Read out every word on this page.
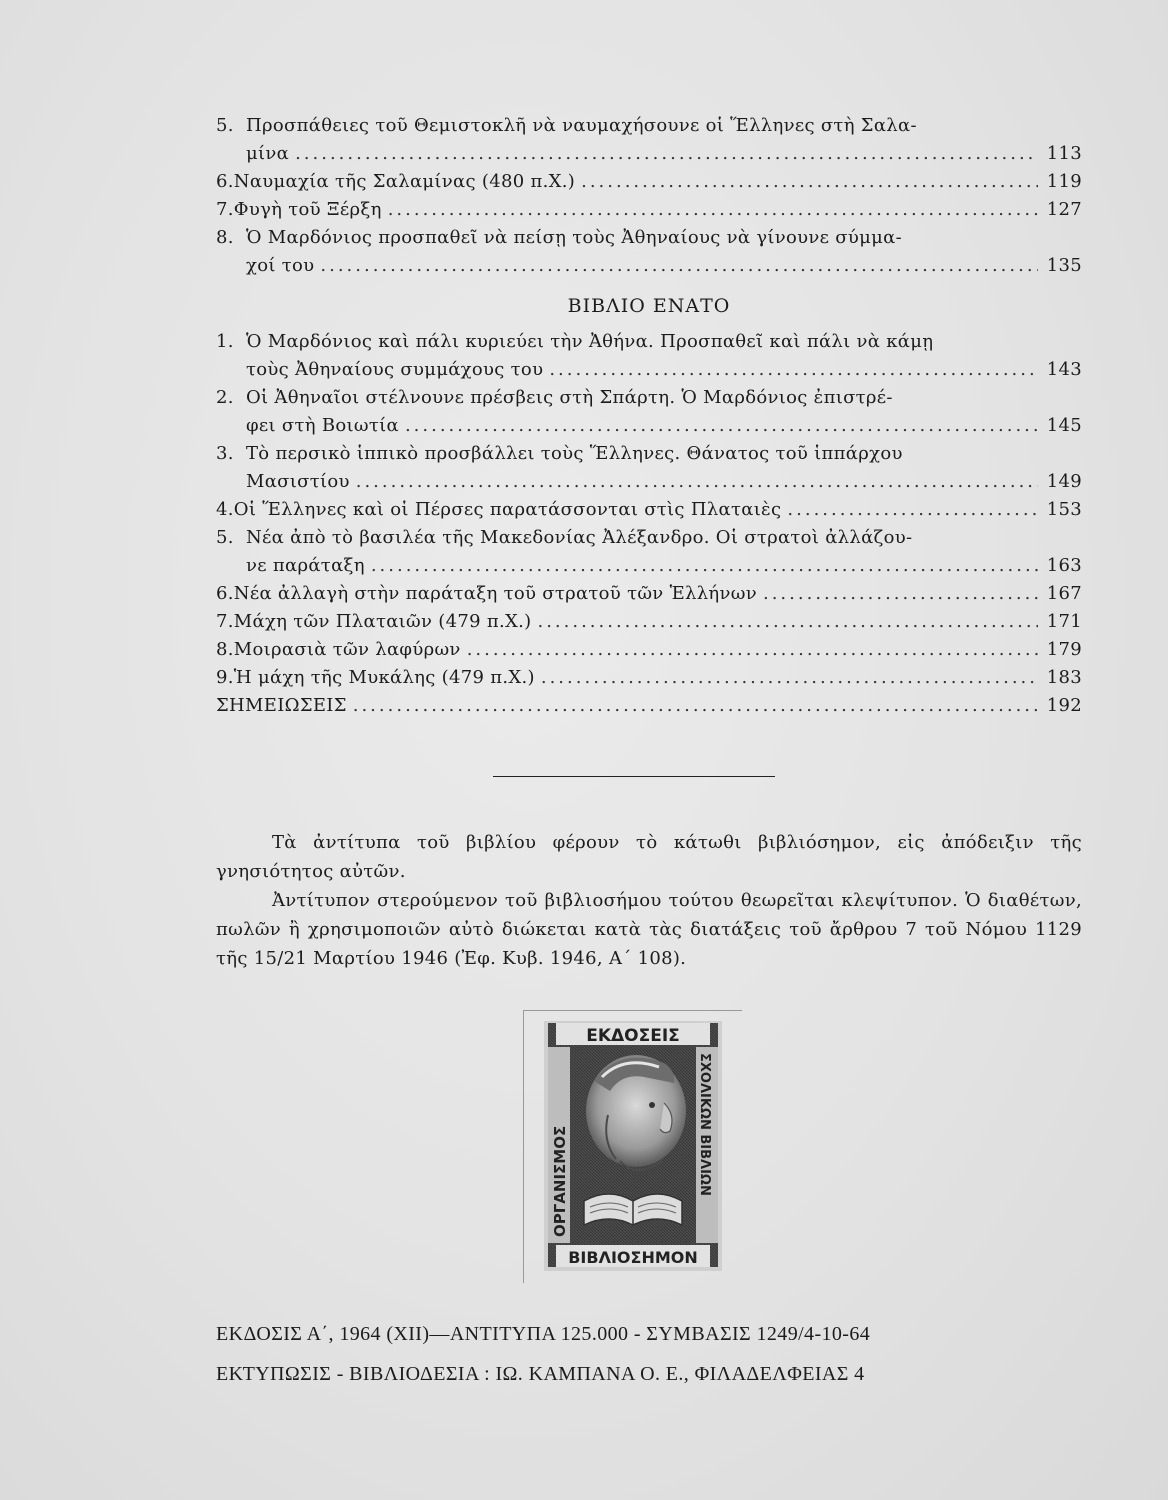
5. Προσπάθειες τοῦ Θεμιστοκλῆ νὰ ναυμαχήσουνε οἱ Ἕλληνες στὴ Σαλα-
μίνα .....	113
6. Ναυμαχία τῆς Σαλαμίνας (480 π.Χ.) .....	119
7. Φυγὴ τοῦ Ξέρξη .....	127
8. Ὁ Μαρδόνιος προσπαθεῖ νὰ πείσῃ τοὺς Ἀθηναίους νὰ γίνουνε σύμμα-
χοί του .....	135
ΒΙΒΛΙΟ ΕΝΑΤΟ
1. Ὁ Μαρδόνιος καὶ πάλι κυριεύει τὴν Ἀθήνα. Προσπαθεῖ καὶ πάλι νὰ κάμῃ
τοὺς Ἀθηναίους συμμάχους του .....	143
2. Οἱ Ἀθηναῖοι στέλνουνε πρέσβεις στὴ Σπάρτη. Ὁ Μαρδόνιος ἐπιστρέ-
φει στὴ Βοιωτία .....	145
3. Τὸ περσικὸ ἱππικὸ προσβάλλει τοὺς Ἕλληνες. Θάνατος τοῦ ἱππάρχου
Μασιστίου .....	149
4. Οἱ Ἕλληνες καὶ οἱ Πέρσες παρατάσσονται στὶς Πλαταιὲς .....	153
5. Νέα ἀπὸ τὸ βασιλέα τῆς Μακεδονίας Ἀλέξανδρο. Οἱ στρατοὶ ἀλλάζου-
νε παράταξη .....	163
6. Νέα ἀλλαγὴ στὴν παράταξη τοῦ στρατοῦ τῶν Ἑλλήνων .....	167
7. Μάχη τῶν Πλαταιῶν (479 π.Χ.) .....	171
8. Μοιρασιὰ τῶν λαφύρων .....	179
9. Ἡ μάχη τῆς Μυκάλης (479 π.Χ.) .....	183
ΣΗΜΕΙΩΣΕΙΣ .....	192

Τὰ ἀντίτυπα τοῦ βιβλίου φέρουν τὸ κάτωθι βιβλιόσημον, εἰς ἀπόδειξιν τῆς γνησιότητος αὐτῶν.

Ἀντίτυπον στερούμενον τοῦ βιβλιοσήμου τούτου θεωρεῖται κλεψίτυπον. Ὁ διαθέτων, πωλῶν ἢ χρησιμοποιῶν αὐτὸ διώκεται κατὰ τὰς διατάξεις τοῦ ἄρθρου 7 τοῦ Νόμου 1129 τῆς 15/21 Μαρτίου 1946 (Ἐφ. Κυβ. 1946, Α΄ 108).

ΕΚΔΟΣΕΙΣ
ΒΙΒΛΙΟΣΗΜΟΝ
ΟΡΓΑΝΙΣΜΟΣ	ΣΧΟΛΙΚΩΝ ΒΙΒΛΙΩΝ
ΕΚΔΟΣΙΣ Α΄, 1964 (ΧΙΙ)—ΑΝΤΙΤΥΠΑ 125.000 - ΣΥΜΒΑΣΙΣ 1249/4-10-64
ΕΚΤΥΠΩΣΙΣ - ΒΙΒΛΙΟΔΕΣΙΑ : ΙΩ. ΚΑΜΠΑΝΑ Ο. Ε., ΦΙΛΑΔΕΛΦΕΙΑΣ 4
